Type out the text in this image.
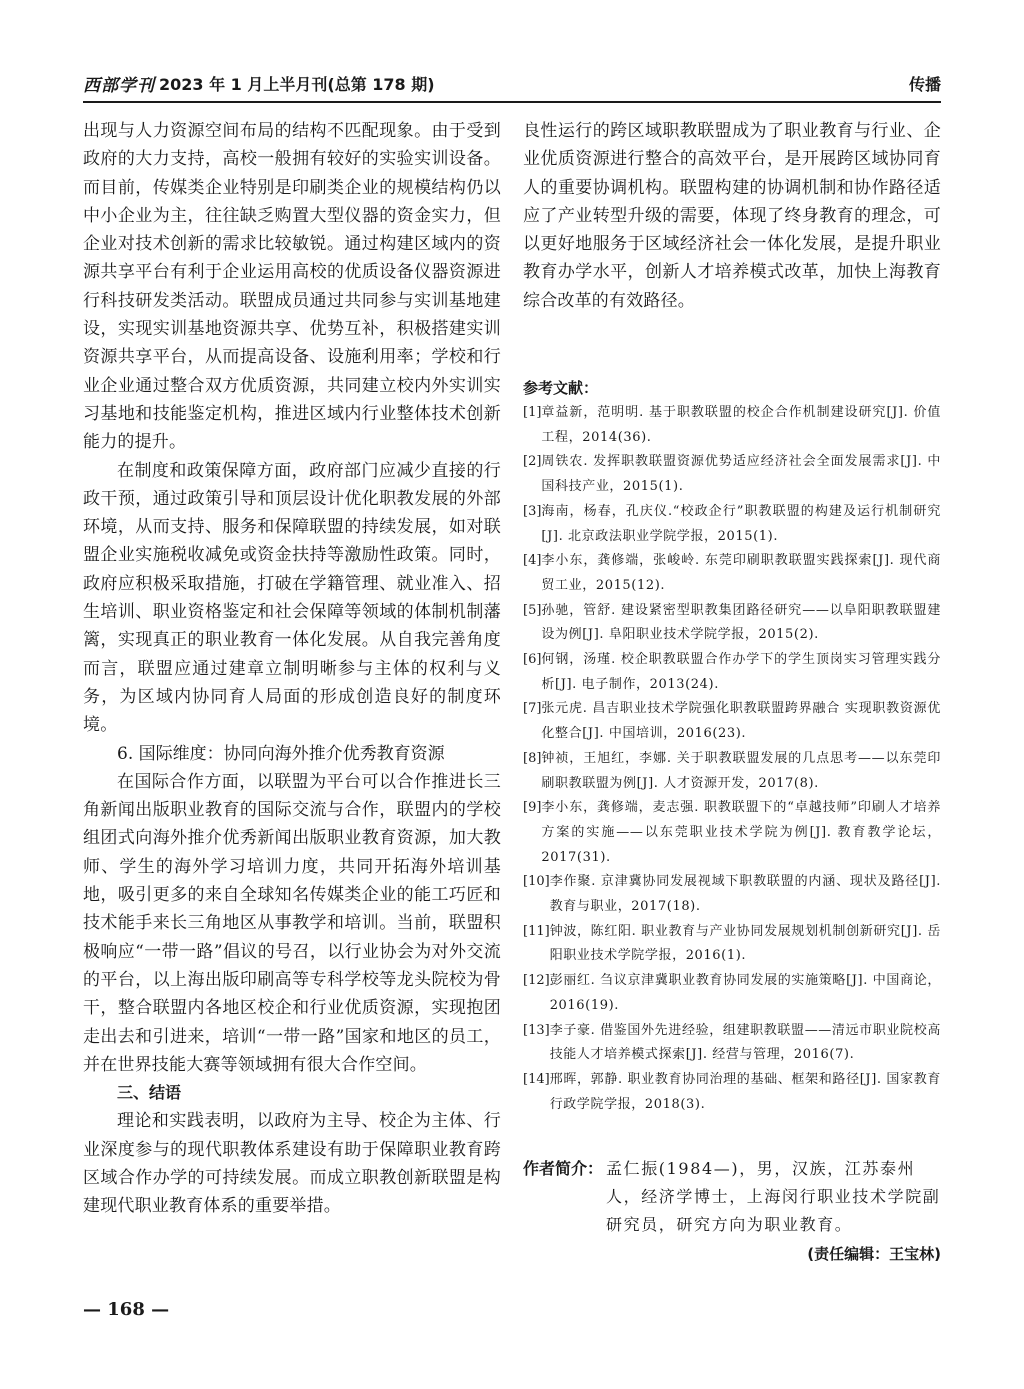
西部学刊 2023 年 1 月上半月刊(总第 178 期)	传播

出现与人力资源空间布局的结构不匹配现象。由于受到政府的大力支持，高校一般拥有较好的实验实训设备。而目前，传媒类企业特别是印刷类企业的规模结构仍以中小企业为主，往往缺乏购置大型仪器的资金实力，但企业对技术创新的需求比较敏锐。通过构建区域内的资源共享平台有利于企业运用高校的优质设备仪器资源进行科技研发类活动。联盟成员通过共同参与实训基地建设，实现实训基地资源共享、优势互补，积极搭建实训资源共享平台，从而提高设备、设施利用率；学校和行业企业通过整合双方优质资源，共同建立校内外实训实习基地和技能鉴定机构，推进区域内行业整体技术创新能力的提升。

在制度和政策保障方面，政府部门应减少直接的行政干预，通过政策引导和顶层设计优化职教发展的外部环境，从而支持、服务和保障联盟的持续发展，如对联盟企业实施税收减免或资金扶持等激励性政策。同时，政府应积极采取措施，打破在学籍管理、就业准入、招生培训、职业资格鉴定和社会保障等领域的体制机制藩篱，实现真正的职业教育一体化发展。从自我完善角度而言，联盟应通过建章立制明晰参与主体的权利与义务，为区域内协同育人局面的形成创造良好的制度环境。

6. 国际维度：协同向海外推介优秀教育资源

在国际合作方面，以联盟为平台可以合作推进长三角新闻出版职业教育的国际交流与合作，联盟内的学校组团式向海外推介优秀新闻出版职业教育资源，加大教师、学生的海外学习培训力度，共同开拓海外培训基地，吸引更多的来自全球知名传媒类企业的能工巧匠和技术能手来长三角地区从事教学和培训。当前，联盟积极响应“一带一路”倡议的号召，以行业协会为对外交流的平台，以上海出版印刷高等专科学校等龙头院校为骨干，整合联盟内各地区校企和行业优质资源，实现抱团走出去和引进来，培训“一带一路”国家和地区的员工，并在世界技能大赛等领域拥有很大合作空间。

三、结语

理论和实践表明，以政府为主导、校企为主体、行业深度参与的现代职教体系建设有助于保障职业教育跨区域合作办学的可持续发展。而成立职教创新联盟是构建现代职业教育体系的重要举措。

良性运行的跨区域职教联盟成为了职业教育与行业、企业优质资源进行整合的高效平台，是开展跨区域协同育人的重要协调机构。联盟构建的协调机制和协作路径适应了产业转型升级的需要，体现了终身教育的理念，可以更好地服务于区域经济社会一体化发展，是提升职业教育办学水平，创新人才培养模式改革，加快上海教育综合改革的有效路径。

参考文献：
[1] 章益新，范明明. 基于职教联盟的校企合作机制建设研究[J]. 价值工程，2014(36).
[2] 周铁农. 发挥职教联盟资源优势适应经济社会全面发展需求[J]. 中国科技产业，2015(1).
[3] 海南，杨春，孔庆仪.“校政企行”职教联盟的构建及运行机制研究[J]. 北京政法职业学院学报，2015(1).
[4] 李小东，龚修端，张峻岭. 东莞印刷职教联盟实践探索[J]. 现代商贸工业，2015(12).
[5] 孙驰，管舒. 建设紧密型职教集团路径研究——以阜阳职教联盟建设为例[J]. 阜阳职业技术学院学报，2015(2).
[6] 何钢，汤瑾. 校企职教联盟合作办学下的学生顶岗实习管理实践分析[J]. 电子制作，2013(24).
[7] 张元虎. 昌吉职业技术学院强化职教联盟跨界融合 实现职教资源优化整合[J]. 中国培训，2016(23).
[8] 钟祯，王旭红，李娜. 关于职教联盟发展的几点思考——以东莞印刷职教联盟为例[J]. 人才资源开发，2017(8).
[9] 李小东，龚修端，麦志强. 职教联盟下的“卓越技师”印刷人才培养方案的实施——以东莞职业技术学院为例[J]. 教育教学论坛，2017(31).
[10] 李作聚. 京津冀协同发展视域下职教联盟的内涵、现状及路径[J]. 教育与职业，2017(18).
[11] 钟波，陈红阳. 职业教育与产业协同发展规划机制创新研究[J]. 岳阳职业技术学院学报，2016(1).
[12] 彭丽红. 刍议京津冀职业教育协同发展的实施策略[J]. 中国商论，2016(19).
[13] 李子豪. 借鉴国外先进经验，组建职教联盟——清远市职业院校高技能人才培养模式探索[J]. 经营与管理，2016(7).
[14] 邢晖，郭静. 职业教育协同治理的基础、框架和路径[J]. 国家教育行政学院学报，2018(3).
作者简介： 孟仁振(1984—)，男，汉族，江苏泰州人，经济学博士，上海闵行职业技术学院副研究员，研究方向为职业教育。
(责任编辑：王宝林)
— 168 —
